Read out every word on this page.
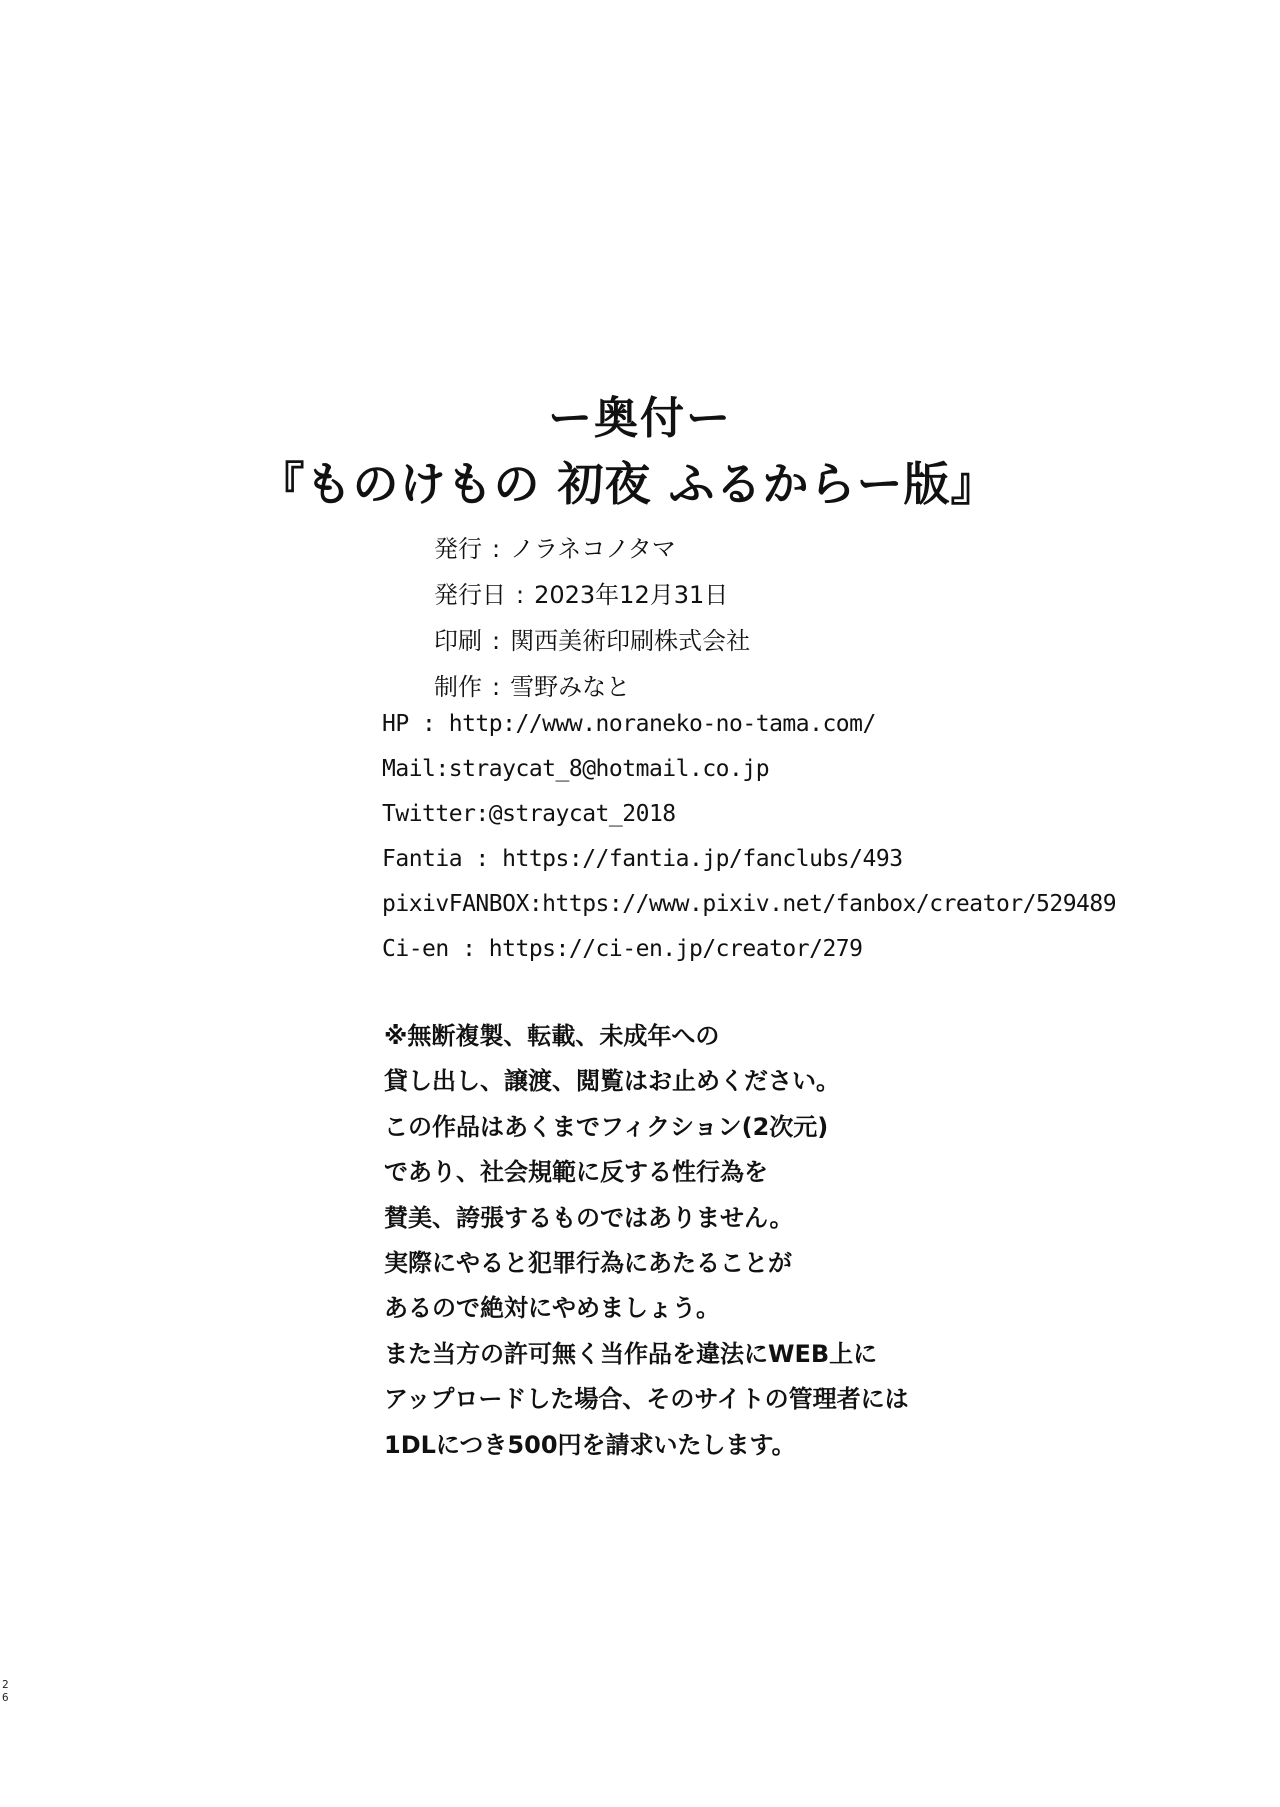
ー奥付ー
『ものけもの 初夜 ふるからー版』
発行 : ノラネコノタマ
発行日 : 2023年12月31日
印刷 : 関西美術印刷株式会社
制作 : 雪野みなと
HP : http://www.noraneko-no-tama.com/
Mail:straycat_8@hotmail.co.jp
Twitter:@straycat_2018
Fantia : https://fantia.jp/fanclubs/493
pixivFANBOX:https://www.pixiv.net/fanbox/creator/529489
Ci-en : https://ci-en.jp/creator/279
※無断複製、転載、未成年への
貸し出し、譲渡、閲覧はお止めください。
この作品はあくまでフィクション(2次元)
であり、社会規範に反する性行為を
賛美、誇張するものではありません。
実際にやると犯罪行為にあたることが
あるので絶対にやめましょう。
また当方の許可無く当作品を違法にWEB上に
アップロードした場合、そのサイトの管理者には
1DLにつき500円を請求いたします。
2
6
